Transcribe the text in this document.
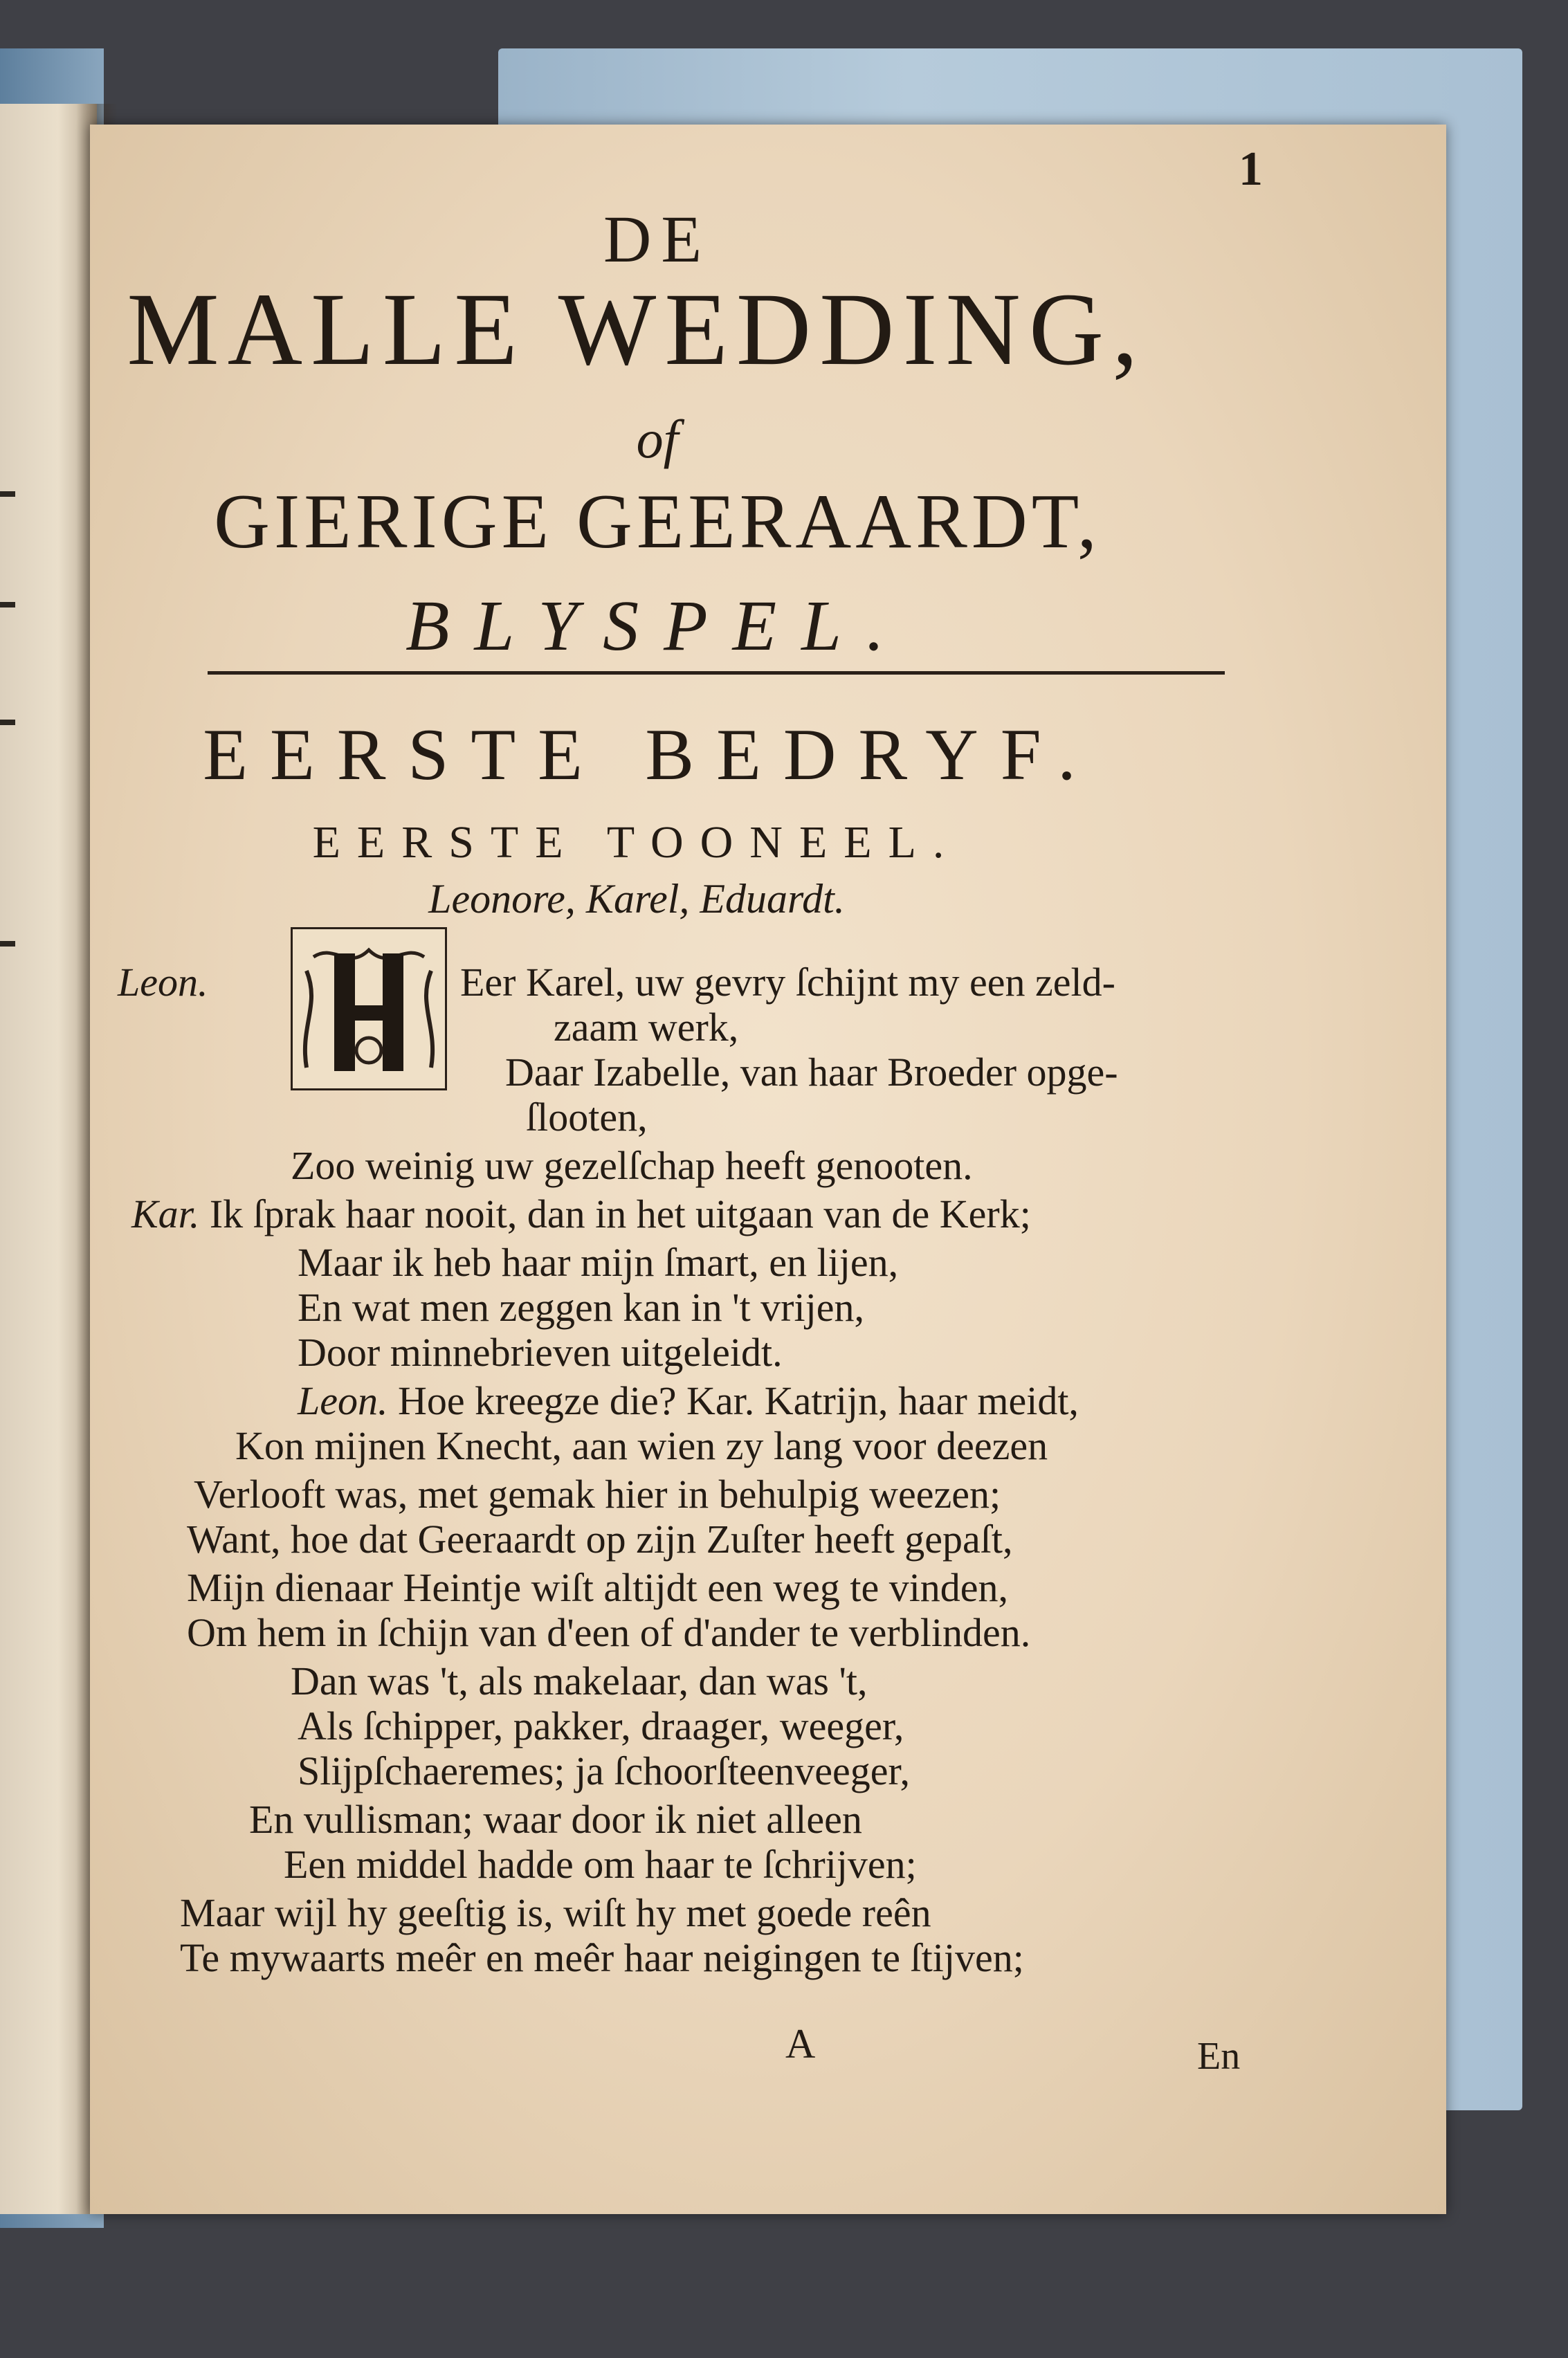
1
DE
MALLE WEDDING,
of
GIERIGE GEERAARDT,
BLYSPEL.
EERSTE BEDRYF.
EERSTE TOONEEL.
Leonore, Karel, Eduardt.
Leon.	Eer Karel, uw gevry ſchijnt my een zeld-
zaam werk,
Daar Izabelle, van haar Broeder opge-
ſlooten,
Zoo weinig uw gezelſchap heeft genooten.
Kar. Ik ſprak haar nooit, dan in het uitgaan van de Kerk;
Maar ik heb haar mijn ſmart, en lijen,
En wat men zeggen kan in 't vrijen,
Door minnebrieven uitgeleidt.
Leon. Hoe kreegze die? Kar. Katrijn, haar meidt,
Kon mijnen Knecht, aan wien zy lang voor deezen
Verlooft was, met gemak hier in behulpig weezen;
Want, hoe dat Geeraardt op zijn Zuſter heeft gepaſt,
Mijn dienaar Heintje wiſt altijdt een weg te vinden,
Om hem in ſchijn van d'een of d'ander te verblinden.
Dan was 't, als makelaar, dan was 't,
Als ſchipper, pakker, draager, weeger,
Slijpſchaeremes; ja ſchoorſteenveeger,
En vullisman; waar door ik niet alleen
Een middel hadde om haar te ſchrijven;
Maar wijl hy geeſtig is, wiſt hy met goede reên
Te mywaarts meêr en meêr haar neigingen te ſtijven;
A	En
